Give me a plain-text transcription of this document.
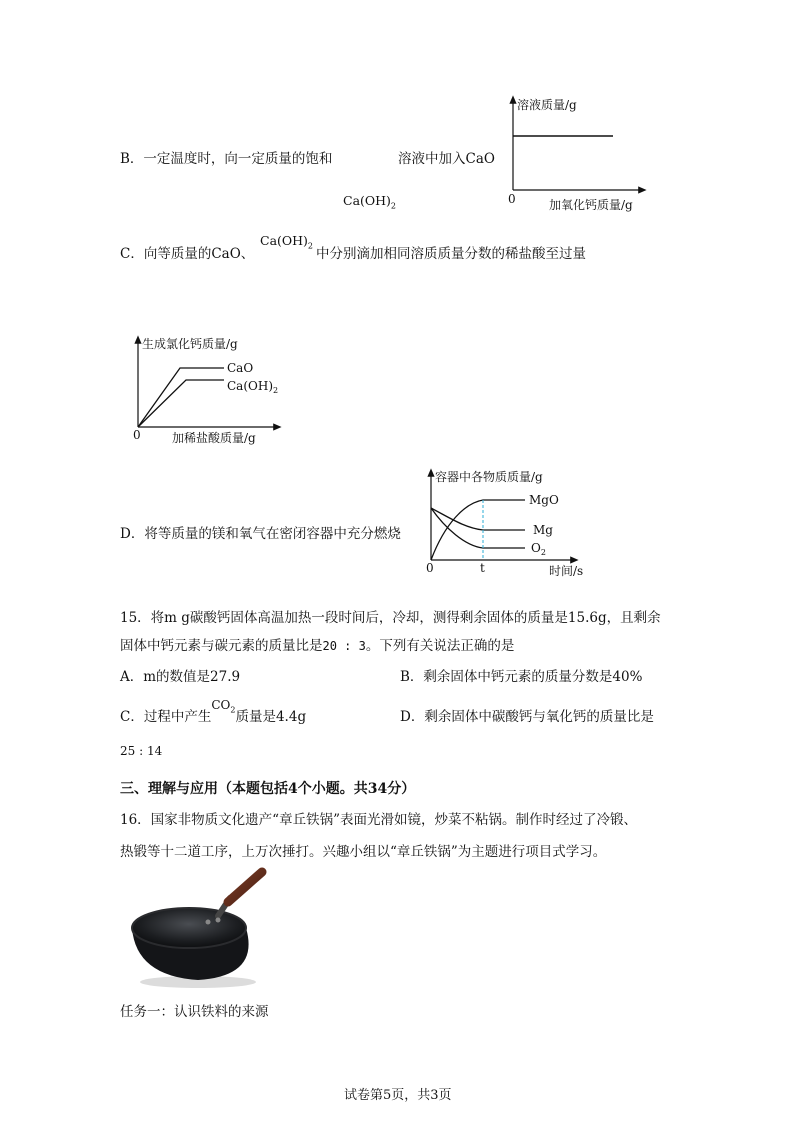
B．一定温度时，向一定质量的饱和	溶液中加入CaO
$Ca(OH)_2$
溶液质量/g
加氧化钙质量/g
0
C．向等质量的CaO、
$Ca(OH)_2$ 中分别滴加相同溶质质量分数的稀盐酸至过量
CaO
$Ca(OH)_2$
生成氯化钙质量/g
加稀盐酸质量/g
0
D．将等质量的镁和氧气在密闭容器中充分燃烧
MgO
Mg
$O_2$
容器中各物质质量/g
时间/s
0	t
15．将m g碳酸钙固体高温加热一段时间后，冷却，测得剩余固体的质量是15.6g，且剩余
固体中钙元素与碳元素的质量比是20 : 3。下列有关说法正确的是
A．m的数值是27.9	B．剩余固体中钙元素的质量分数是40%
C．过程中产生$CO_2$质量是4.4g	D．剩余固体中碳酸钙与氧化钙的质量比是
25 : 14
三、理解与应用（本题包括4个小题。共34分）
16．国家非物质文化遗产“章丘铁锅”表面光滑如镜，炒菜不粘锅。制作时经过了冷锻、
热锻等十二道工序，上万次捶打。兴趣小组以“章丘铁锅”为主题进行项目式学习。
任务一：认识铁料的来源
试卷第5页，共3页
